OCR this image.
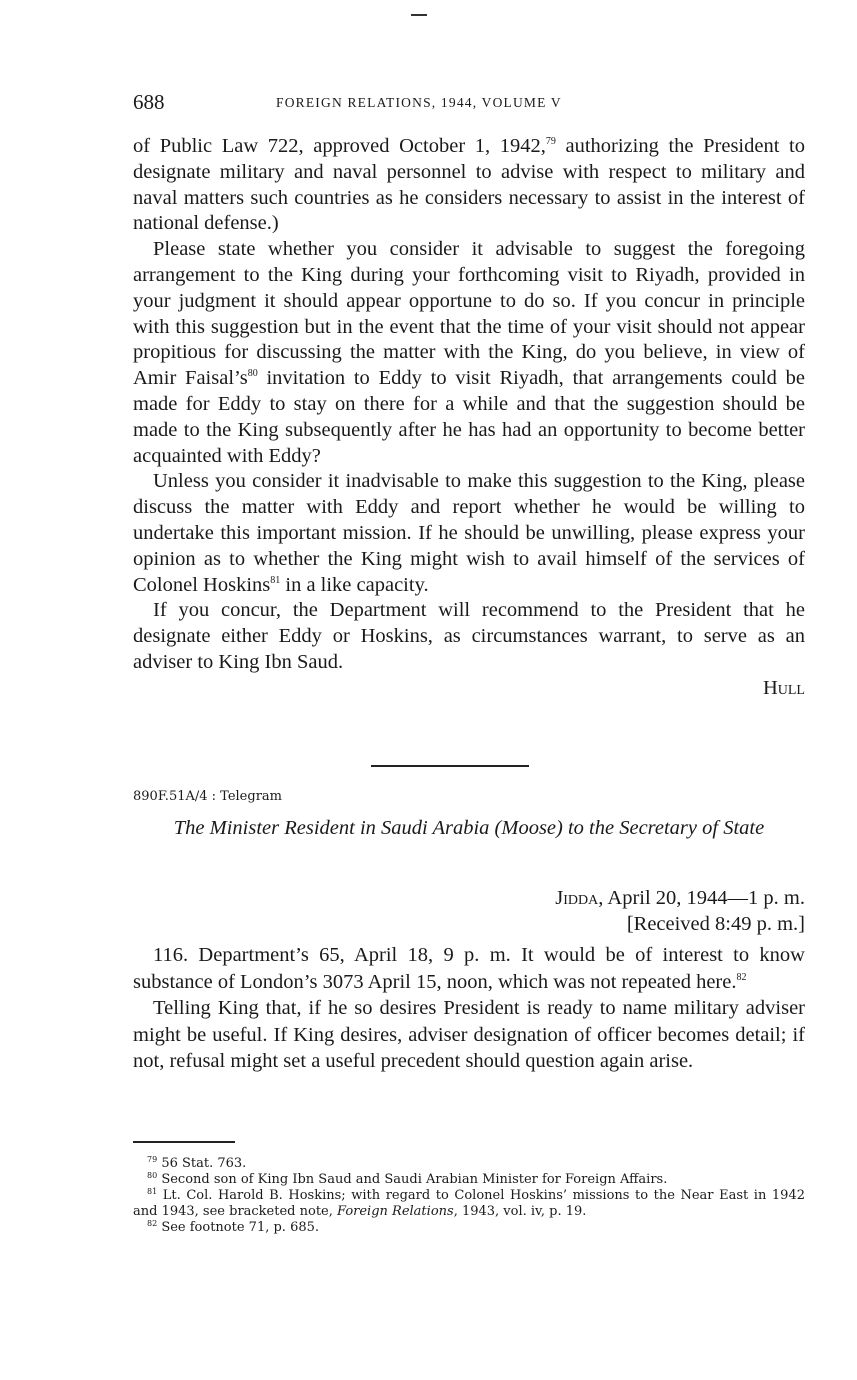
688	FOREIGN RELATIONS, 1944, VOLUME V

of Public Law 722, approved October 1, 1942,79 authorizing the President to designate military and naval personnel to advise with respect to military and naval matters such countries as he considers necessary to assist in the interest of national defense.)

Please state whether you consider it advisable to suggest the foregoing arrangement to the King during your forthcoming visit to Riyadh, provided in your judgment it should appear opportune to do so. If you concur in principle with this suggestion but in the event that the time of your visit should not appear propitious for discussing the matter with the King, do you believe, in view of Amir $Faisal’s^{80}$ invitation to Eddy to visit Riyadh, that arrangements could be made for Eddy to stay on there for a while and that the suggestion should be made to the King subsequently after he has had an opportunity to become better acquainted with Eddy?

Unless you consider it inadvisable to make this suggestion to the King, please discuss the matter with Eddy and report whether he would be willing to undertake this important mission. If he should be unwilling, please express your opinion as to whether the King might wish to avail himself of the services of Colonel Hoskins$^{81}$ in a like capacity.

If you concur, the Department will recommend to the President that he designate either Eddy or Hoskins, as circumstances warrant, to serve as an adviser to King Ibn Saud.

Hull

890F.51A/4 : Telegram
The Minister Resident in Saudi Arabia (Moose) to the Secretary of State
Jidda, April 20, 1944—1 p. m.
[Received 8:49 p. m.]

116. Department’s 65, April 18, 9 p. m. It would be of interest to know substance of London’s 3073 April 15, noon, which was not repeated here.$^{82}$

Telling King that, if he so desires President is ready to name military adviser might be useful. If King desires, adviser designation of officer becomes detail; if not, refusal might set a useful precedent should question again arise.

$^{79}$ 56 Stat. 763.

$^{80}$ Second son of King Ibn Saud and Saudi Arabian Minister for Foreign Affairs.

$^{81}$ Lt. Col. Harold B. Hoskins; with regard to Colonel Hoskins’ missions to the Near East in 1942 and 1943, see bracketed note, Foreign Relations, 1943, vol. iv, p. 19.

$^{82}$ See footnote 71, p. 685.
